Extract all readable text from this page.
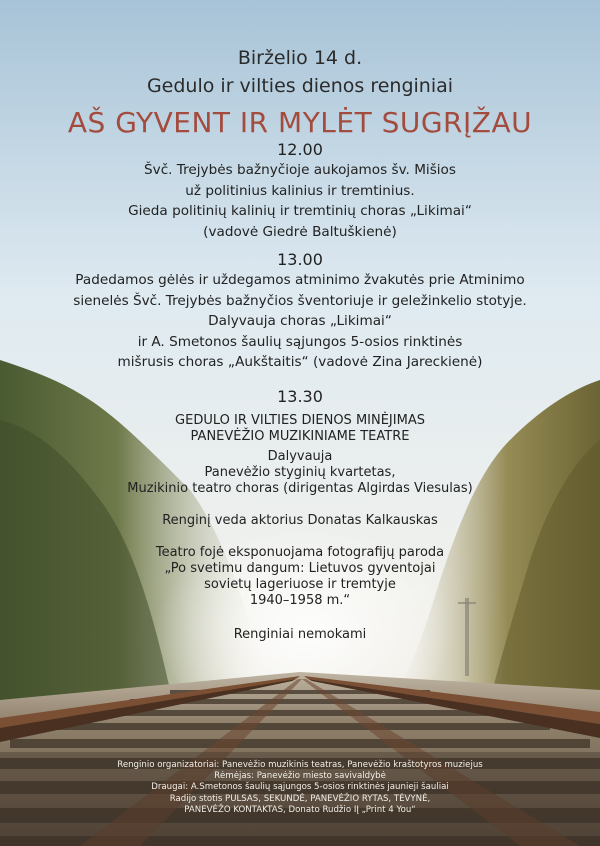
Birželio 14 d.
Gedulo ir vilties dienos renginiai
AŠ GYVENT IR MYLĖT SUGRĮŽAU
12.00
Švč. Trejybės bažnyčioje aukojamos šv. Mišios
už politinius kalinius ir tremtinius.
Gieda politinių kalinių ir tremtinių choras „Likimai“
(vadovė Giedrė Baltuškienė)
13.00
Padedamos gėlės ir uždegamos atminimo žvakutės prie Atminimo
sienelės Švč. Trejybės bažnyčios šventoriuje ir geležinkelio stotyje.
Dalyvauja choras „Likimai“
ir A. Smetonos šaulių sąjungos 5-osios rinktinės
mišrusis choras „Aukštaitis“ (vadovė Zina Jareckienė)
13.30
GEDULO IR VILTIES DIENOS MINĖJIMAS
PANEVĖŽIO MUZIKINIAME TEATRE
Dalyvauja
Panevėžio styginių kvartetas,
Muzikinio teatro choras (dirigentas Algirdas Viesulas)
Renginį veda aktorius Donatas Kalkauskas
Teatro fojė eksponuojama fotografijų paroda
„Po svetimu dangum: Lietuvos gyventojai
sovietų lageriuose ir tremtyje
1940–1958 m.“
Renginiai nemokami
Renginio organizatoriai: Panevėžio muzikinis teatras, Panevėžio kraštotyros muziejus
Rėmėjas: Panevėžio miesto savivaldybė
Draugai: A.Smetonos šaulių sąjungos 5-osios rinktinės jaunieji šauliai
Radijo stotis PULSAS, SEKUNDĖ, PANEVĖŽIO RYTAS, TĖVYNĖ,
PANEVĖŽO KONTAKTAS, Donato Rudžio IĮ „Print 4 You“
